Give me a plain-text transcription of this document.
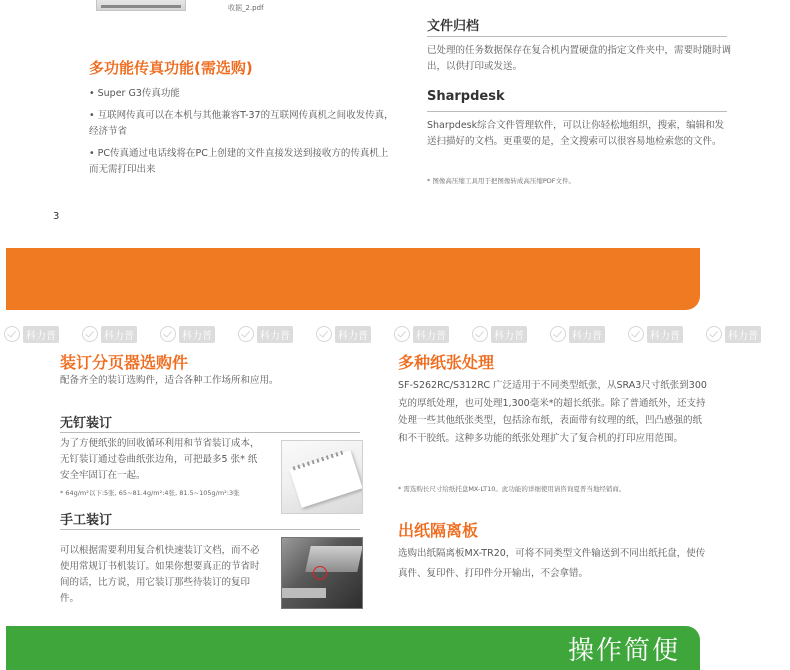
收据_2.pdf
多功能传真功能(需选购)
• Super G3传真功能
• 互联网传真可以在本机与其他兼容T-37的互联网传真机之间收发传真，经济节省
• PC传真通过电话线将在PC上创建的文件直接发送到接收方的传真机上而无需打印出来
3
文件归档
已处理的任务数据保存在复合机内置硬盘的指定文件夹中，需要时随时调出，以供打印或发送。
Sharpdesk
Sharpdesk综合文件管理软件，可以让你轻松地组织，搜索，编辑和发送扫描好的文档。更重要的是，全文搜索可以很容易地检索您的文件。
* 图像高压缩工具用于把图像转成高压缩PDF文件。
科力普	科力普	科力普	科力普	科力普	科力普	科力普	科力普	科力普	科力普
装订分页器选购件
配备齐全的装订选购件，适合各种工作场所和应用。
无钉装订
为了方便纸张的回收循环利用和节省装订成本，无钉装订通过卷曲纸张边角，可把最多5 张* 纸安全牢固订在一起。
* 64g/m²以下:5张, 65~81.4g/m²:4张, 81.5~105g/m²:3张
手工装订
可以根据需要利用复合机快速装订文档，而不必使用常规订书机装订。如果你想要真正的节省时间的话，比方说，用它装订那些待装订的复印件。
多种纸张处理
SF-S262RC/S312RC 广泛适用于不同类型纸张，从SRA3尺寸纸张到300克的厚纸处理，也可处理1,300毫米*的超长纸张。除了普通纸外，还支持处理一些其他纸张类型，包括涂布纸，表面带有纹理的纸，凹凸感强的纸和不干胶纸。这种多功能的纸张处理扩大了复合机的打印应用范围。
* 需选购长尺寸给纸托盘MX-LT10。此功能的详细使用请咨询夏普当地经销商。
出纸隔离板
选购出纸隔离板MX-TR20，可将不同类型文件输送到不同出纸托盘，使传真件、复印件、打印件分开输出，不会拿错。
操作简便
